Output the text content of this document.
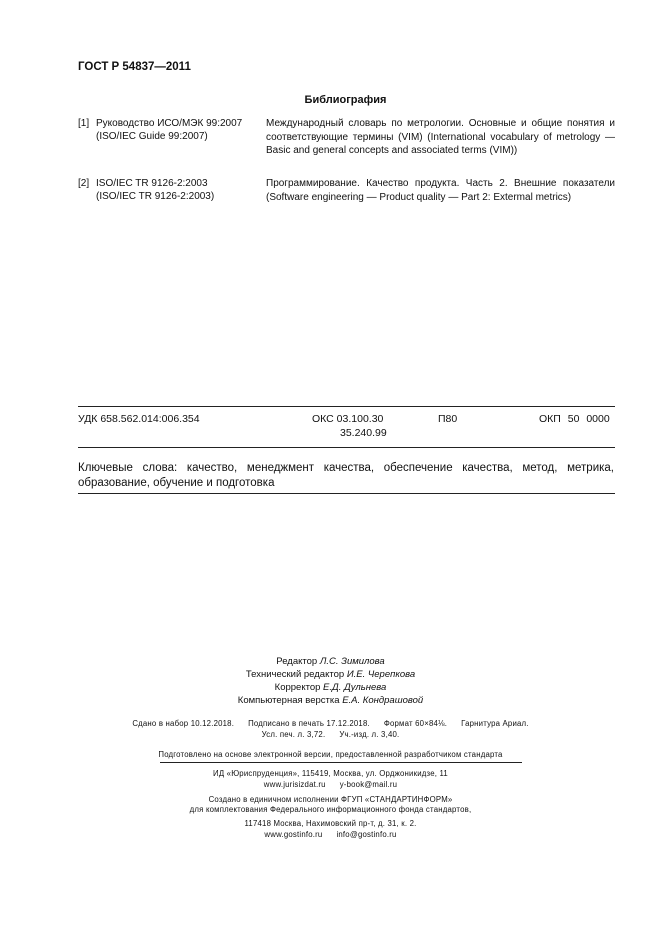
ГОСТ Р 54837—2011
Библиография
[1] Руководство ИСО/МЭК 99:2007
(ISO/IEC Guide 99:2007)
Международный словарь по метрологии. Основные и общие понятия и соответствующие термины (VIM) (International vocabulary of metrology — Basic and general concepts and associated terms (VIM))
[2] ISO/IEC TR 9126-2:2003
(ISO/IEC TR 9126-2:2003)
Программирование. Качество продукта. Часть 2. Внешние показатели (Software engineering — Product quality — Part 2: Extermal metrics)
УДК 658.562.014:006.354	ОКС 03.100.30
35.240.99
П80	ОКП 50 0000
Ключевые слова: качество, менеджмент качества, обеспечение качества, метод, метрика, образование, обучение и подготовка
Редактор Л.С. Зимилова
Технический редактор И.Е. Черепкова
Корректор Е.Д. Дульнева
Компьютерная верстка Е.А. Кондрашовой
Сдано в набор 10.12.2018. Подписано в печать 17.12.2018. Формат 60×84⅛. Гарнитура Ариал.
Усл. печ. л. 3,72. Уч.-изд. л. 3,40.
Подготовлено на основе электронной версии, предоставленной разработчиком стандарта
ИД «Юриспруденция», 115419, Москва, ул. Орджоникидзе, 11
www.jurisizdat.ru y-book@mail.ru
Создано в единичном исполнении ФГУП «СТАНДАРТИНФОРМ»
для комплектования Федерального информационного фонда стандартов,
117418 Москва, Нахимовский пр-т, д. 31, к. 2.
www.gostinfo.ru info@gostinfo.ru
